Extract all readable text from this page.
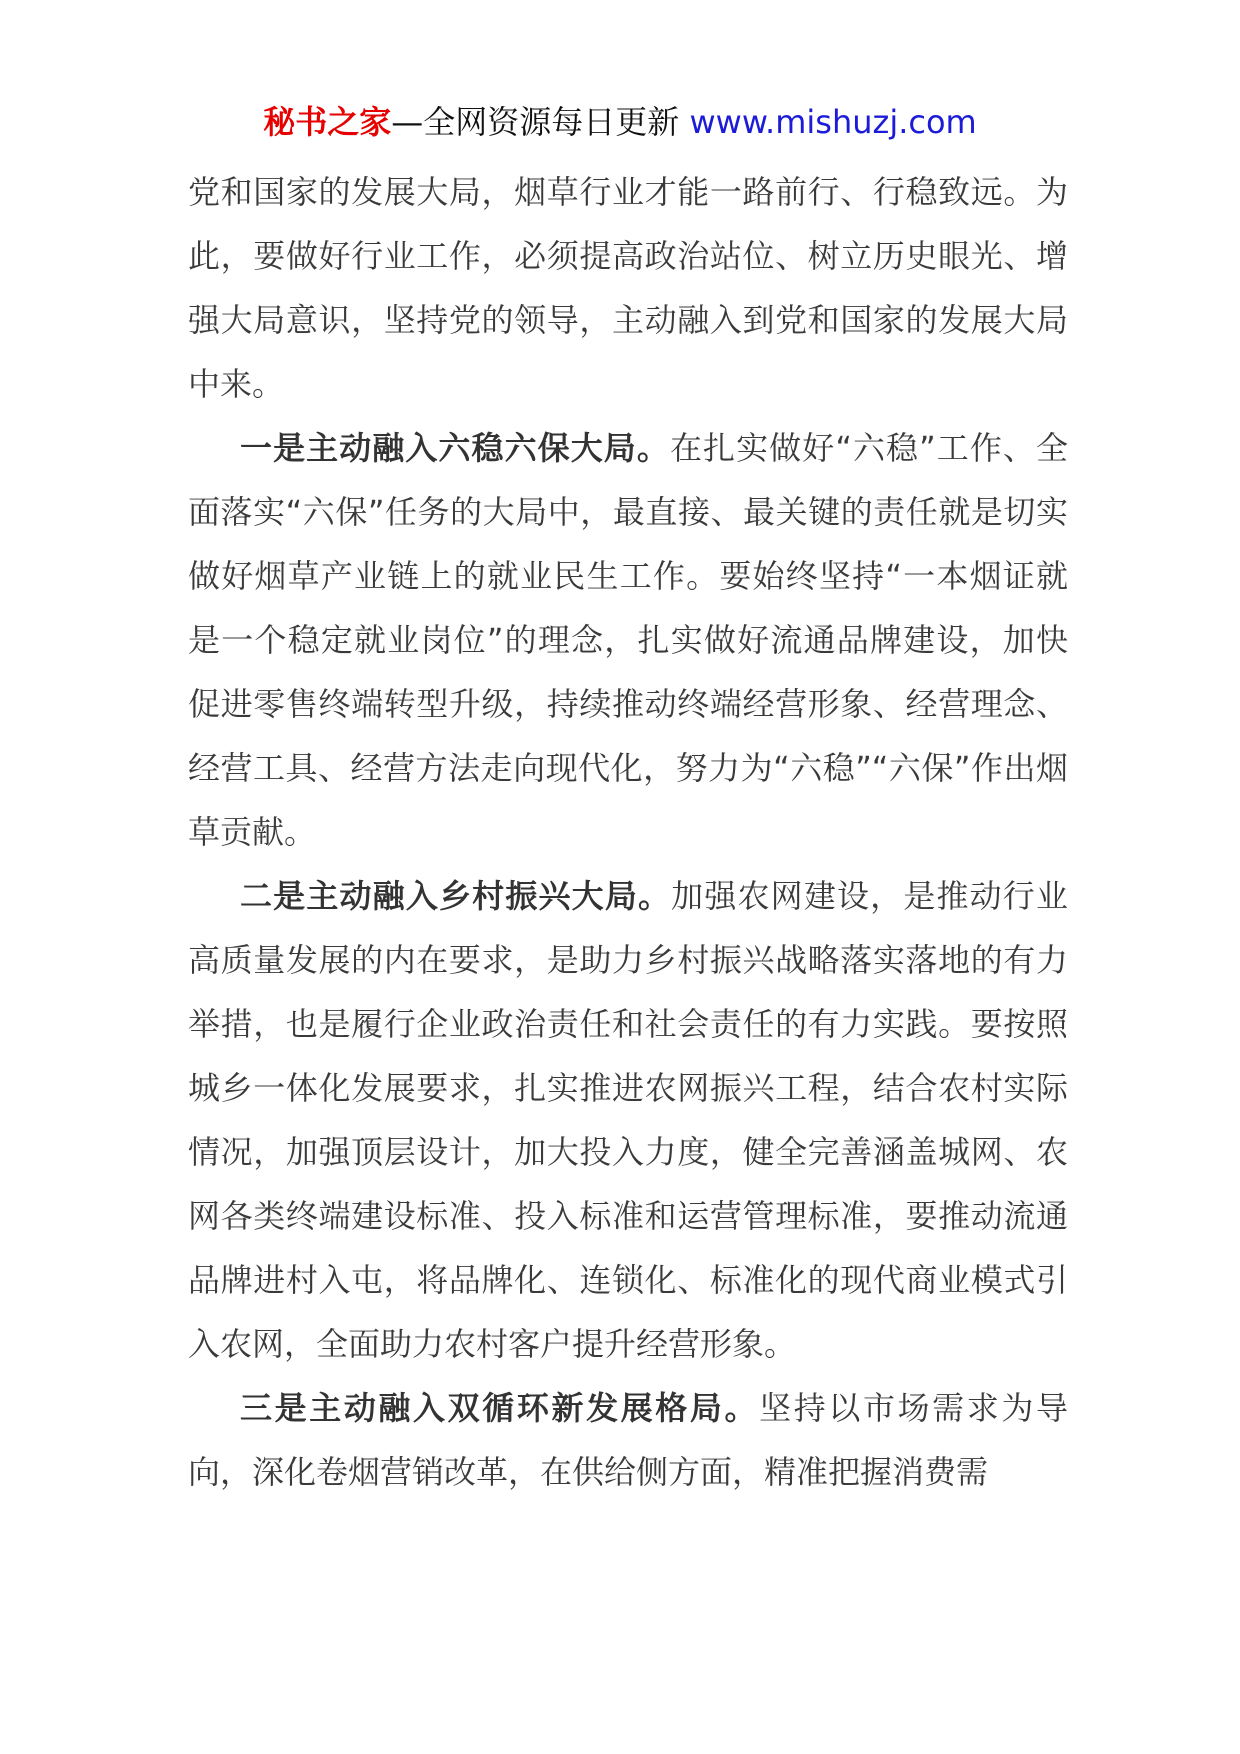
秘书之家—全网资源每日更新 www.mishuzj.com

党和国家的发展大局，烟草行业才能一路前行、行稳致远。为此，要做好行业工作，必须提高政治站位、树立历史眼光、增强大局意识，坚持党的领导，主动融入到党和国家的发展大局中来。

一是主动融入六稳六保大局。在扎实做好“六稳”工作、全面落实“六保”任务的大局中，最直接、最关键的责任就是切实做好烟草产业链上的就业民生工作。要始终坚持“一本烟证就是一个稳定就业岗位”的理念，扎实做好流通品牌建设，加快促进零售终端转型升级，持续推动终端经营形象、经营理念、经营工具、经营方法走向现代化，努力为“六稳”“六保”作出烟草贡献。

二是主动融入乡村振兴大局。加强农网建设，是推动行业高质量发展的内在要求，是助力乡村振兴战略落实落地的有力举措，也是履行企业政治责任和社会责任的有力实践。要按照城乡一体化发展要求，扎实推进农网振兴工程，结合农村实际情况，加强顶层设计，加大投入力度，健全完善涵盖城网、农网各类终端建设标准、投入标准和运营管理标准，要推动流通品牌进村入屯，将品牌化、连锁化、标准化的现代商业模式引入农网，全面助力农村客户提升经营形象。

三是主动融入双循环新发展格局。坚持以市场需求为导向，深化卷烟营销改革，在供给侧方面，精准把握消费需
